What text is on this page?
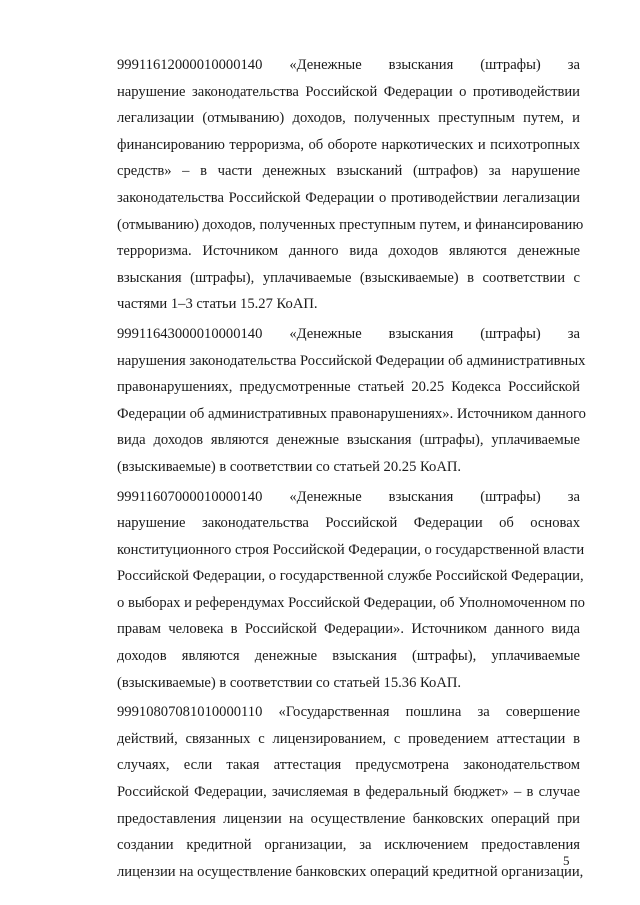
99911612000010000140 «Денежные взыскания (штрафы) за
нарушение законодательства Российской Федерации о противодействии
легализации (отмыванию) доходов, полученных преступным путем, и
финансированию терроризма, об обороте наркотических и психотропных
средств» – в части денежных взысканий (штрафов) за нарушение
законодательства Российской Федерации о противодействии легализации
(отмыванию) доходов, полученных преступным путем, и финансированию
терроризма. Источником данного вида доходов являются денежные
взыскания (штрафы), уплачиваемые (взыскиваемые) в соответствии с
частями 1–3 статьи 15.27 КоАП.
99911643000010000140 «Денежные взыскания (штрафы) за
нарушения законодательства Российской Федерации об административных
правонарушениях, предусмотренные статьей 20.25 Кодекса Российской
Федерации об административных правонарушениях». Источником данного
вида доходов являются денежные взыскания (штрафы), уплачиваемые
(взыскиваемые) в соответствии со статьей 20.25 КоАП.
99911607000010000140 «Денежные взыскания (штрафы) за
нарушение законодательства Российской Федерации об основах
конституционного строя Российской Федерации, о государственной власти
Российской Федерации, о государственной службе Российской Федерации,
о выборах и референдумах Российской Федерации, об Уполномоченном по
правам человека в Российской Федерации». Источником данного вида
доходов являются денежные взыскания (штрафы), уплачиваемые
(взыскиваемые) в соответствии со статьей 15.36 КоАП.
99910807081010000110 «Государственная пошлина за совершение
действий, связанных с лицензированием, с проведением аттестации в
случаях, если такая аттестация предусмотрена законодательством
Российской Федерации, зачисляемая в федеральный бюджет» – в случае
предоставления лицензии на осуществление банковских операций при
создании кредитной организации, за исключением предоставления
лицензии на осуществление банковских операций кредитной организации,
5
